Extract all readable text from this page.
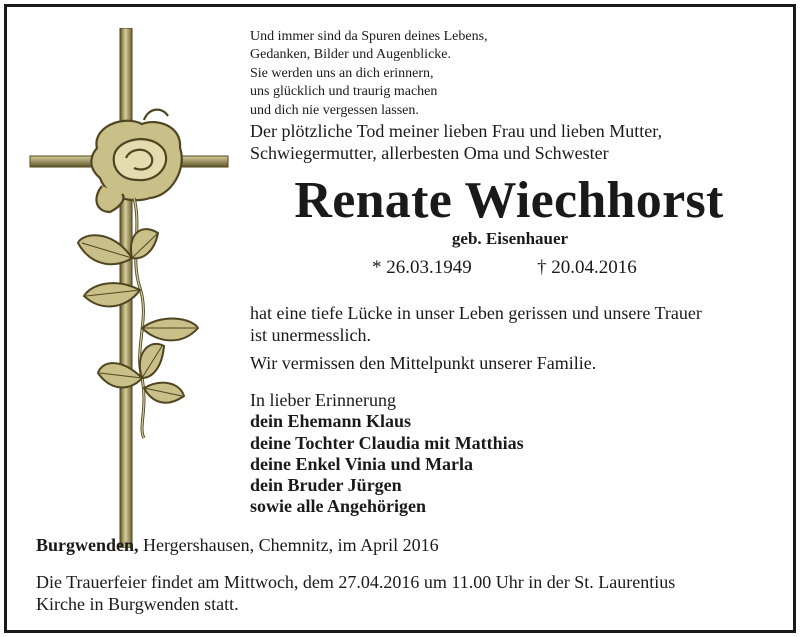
Und immer sind da Spuren deines Lebens,
Gedanken, Bilder und Augenblicke.
Sie werden uns an dich erinnern,
uns glücklich und traurig machen
und dich nie vergessen lassen.
Der plötzliche Tod meiner lieben Frau und lieben Mutter,
Schwiegermutter, allerbesten Oma und Schwester
Renate Wiechhorst
geb. Eisenhauer
* 26.03.1949	† 20.04.2016
hat eine tiefe Lücke in unser Leben gerissen und unsere Trauer
ist unermesslich.
Wir vermissen den Mittelpunkt unserer Familie.
In lieber Erinnerung
dein Ehemann Klaus
deine Tochter Claudia mit Matthias
deine Enkel Vinia und Marla
dein Bruder Jürgen
sowie alle Angehörigen
Burgwenden, Hergershausen, Chemnitz, im April 2016
Die Trauerfeier findet am Mittwoch, dem 27.04.2016 um 11.00 Uhr in der St. Laurentius
Kirche in Burgwenden statt.
